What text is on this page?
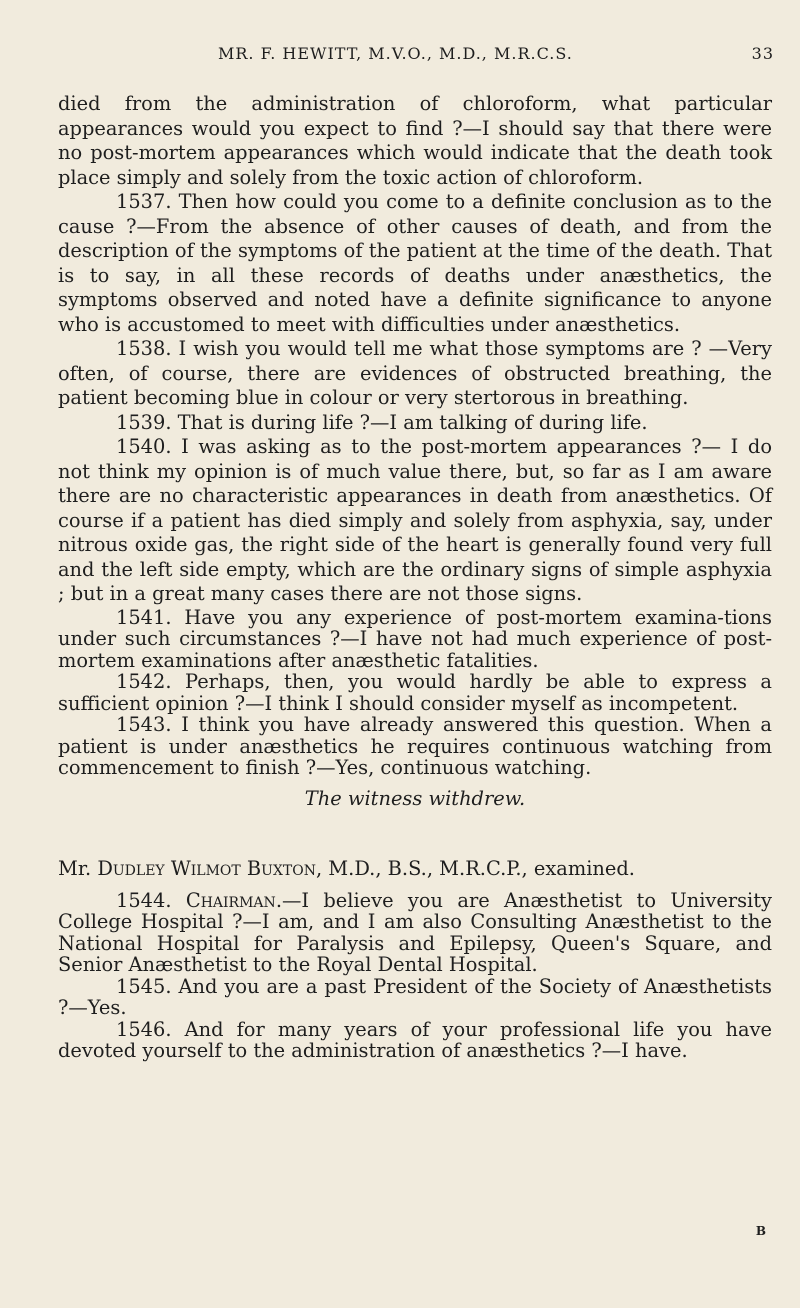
MR. F. HEWITT, M.V.O., M.D., M.R.C.S.	33

died from the administration of chloroform, what particular appearances would you expect to find ?—I should say that there were no post-mortem appearances which would indicate that the death took place simply and solely from the toxic action of chloroform.

1537. Then how could you come to a definite conclusion as to the cause ?—From the absence of other causes of death, and from the description of the symptoms of the patient at the time of the death. That is to say, in all these records of deaths under anæsthetics, the symptoms observed and noted have a definite significance to anyone who is accustomed to meet with difficulties under anæsthetics.

1538. I wish you would tell me what those symptoms are ? —Very often, of course, there are evidences of obstructed breathing, the patient becoming blue in colour or very stertorous in breathing.

1539. That is during life ?—I am talking of during life.

1540. I was asking as to the post-mortem appearances ?— I do not think my opinion is of much value there, but, so far as I am aware there are no characteristic appearances in death from anæsthetics. Of course if a patient has died simply and solely from asphyxia, say, under nitrous oxide gas, the right side of the heart is generally found very full and the left side empty, which are the ordinary signs of simple asphyxia ; but in a great many cases there are not those signs.

1541. Have you any experience of post-mortem examina-tions under such circumstances ?—I have not had much experience of post-mortem examinations after anæsthetic fatalities.

1542. Perhaps, then, you would hardly be able to express a sufficient opinion ?—I think I should consider myself as incompetent.

1543. I think you have already answered this question. When a patient is under anæsthetics he requires continuous watching from commencement to finish ?—Yes, continuous watching.

The witness withdrew.

Mr. Dudley Wilmot Buxton, M.D., B.S., M.R.C.P., examined.

1544. Chairman.—I believe you are Anæsthetist to University College Hospital ?—I am, and I am also Consulting Anæsthetist to the National Hospital for Paralysis and Epilepsy, Queen's Square, and Senior Anæsthetist to the Royal Dental Hospital.

1545. And you are a past President of the Society of Anæsthetists ?—Yes.

1546. And for many years of your professional life you have devoted yourself to the administration of anæsthetics ?—I have.

B
